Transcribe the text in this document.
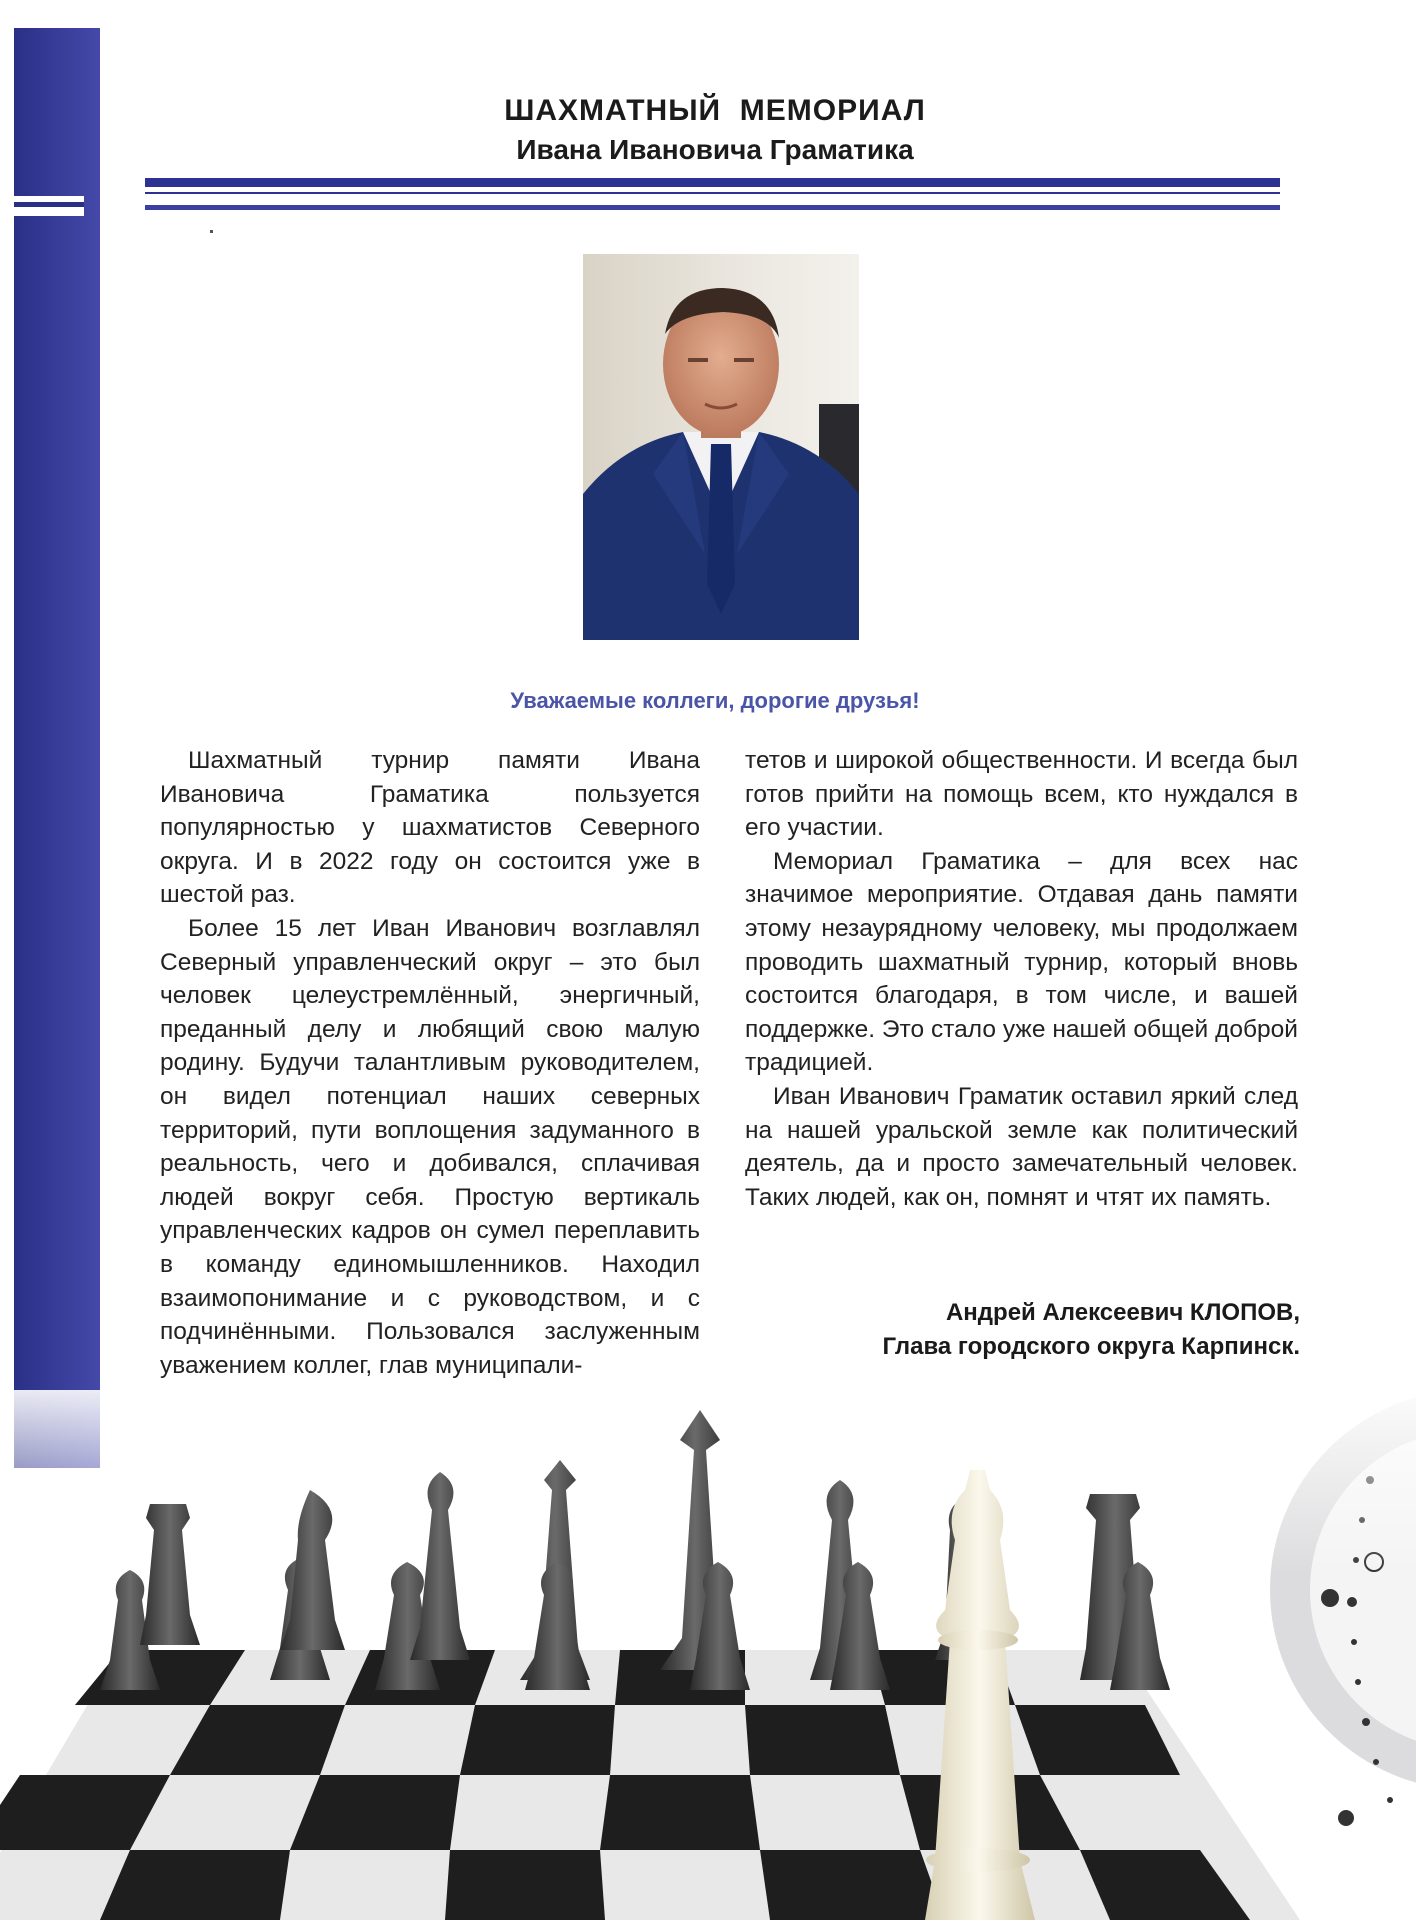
ШАХМАТНЫЙ  МЕМОРИАЛ
Ивана Ивановича Граматика
Уважаемые коллеги, дорогие друзья!

Шахматный турнир памяти Ивана Ивановича Граматика пользуется популярностью у шахматистов Северного округа. И в 2022 году он состоится уже в шестой раз.

Более 15 лет Иван Иванович возглавлял Северный управленческий округ – это был человек целеустремлённый, энергичный, преданный делу и любящий свою малую родину. Будучи талантливым руководителем, он видел потенциал наших северных территорий, пути воплощения задуманного в реальность, чего и добивался, сплачивая людей вокруг себя. Простую вертикаль управленческих кадров он сумел переплавить в команду единомышленников. Находил взаимопонимание и с руководством, и с подчинёнными. Пользовался заслуженным уважением коллег, глав муниципали-

тетов и широкой общественности. И всегда был готов прийти на помощь всем, кто нуждался в его участии.

Мемориал Граматика – для всех нас значимое мероприятие. Отдавая дань памяти этому незаурядному человеку, мы продолжаем проводить шахматный турнир, который вновь состоится благодаря, в том числе, и вашей поддержке. Это стало уже нашей общей доброй традицией.

Иван Иванович Граматик оставил яркий след на нашей уральской земле как политический деятель, да и просто замечательный человек. Таких людей, как он, помнят и чтят их память.

Андрей Алексеевич КЛОПОВ,
Глава городского округа Карпинск.
